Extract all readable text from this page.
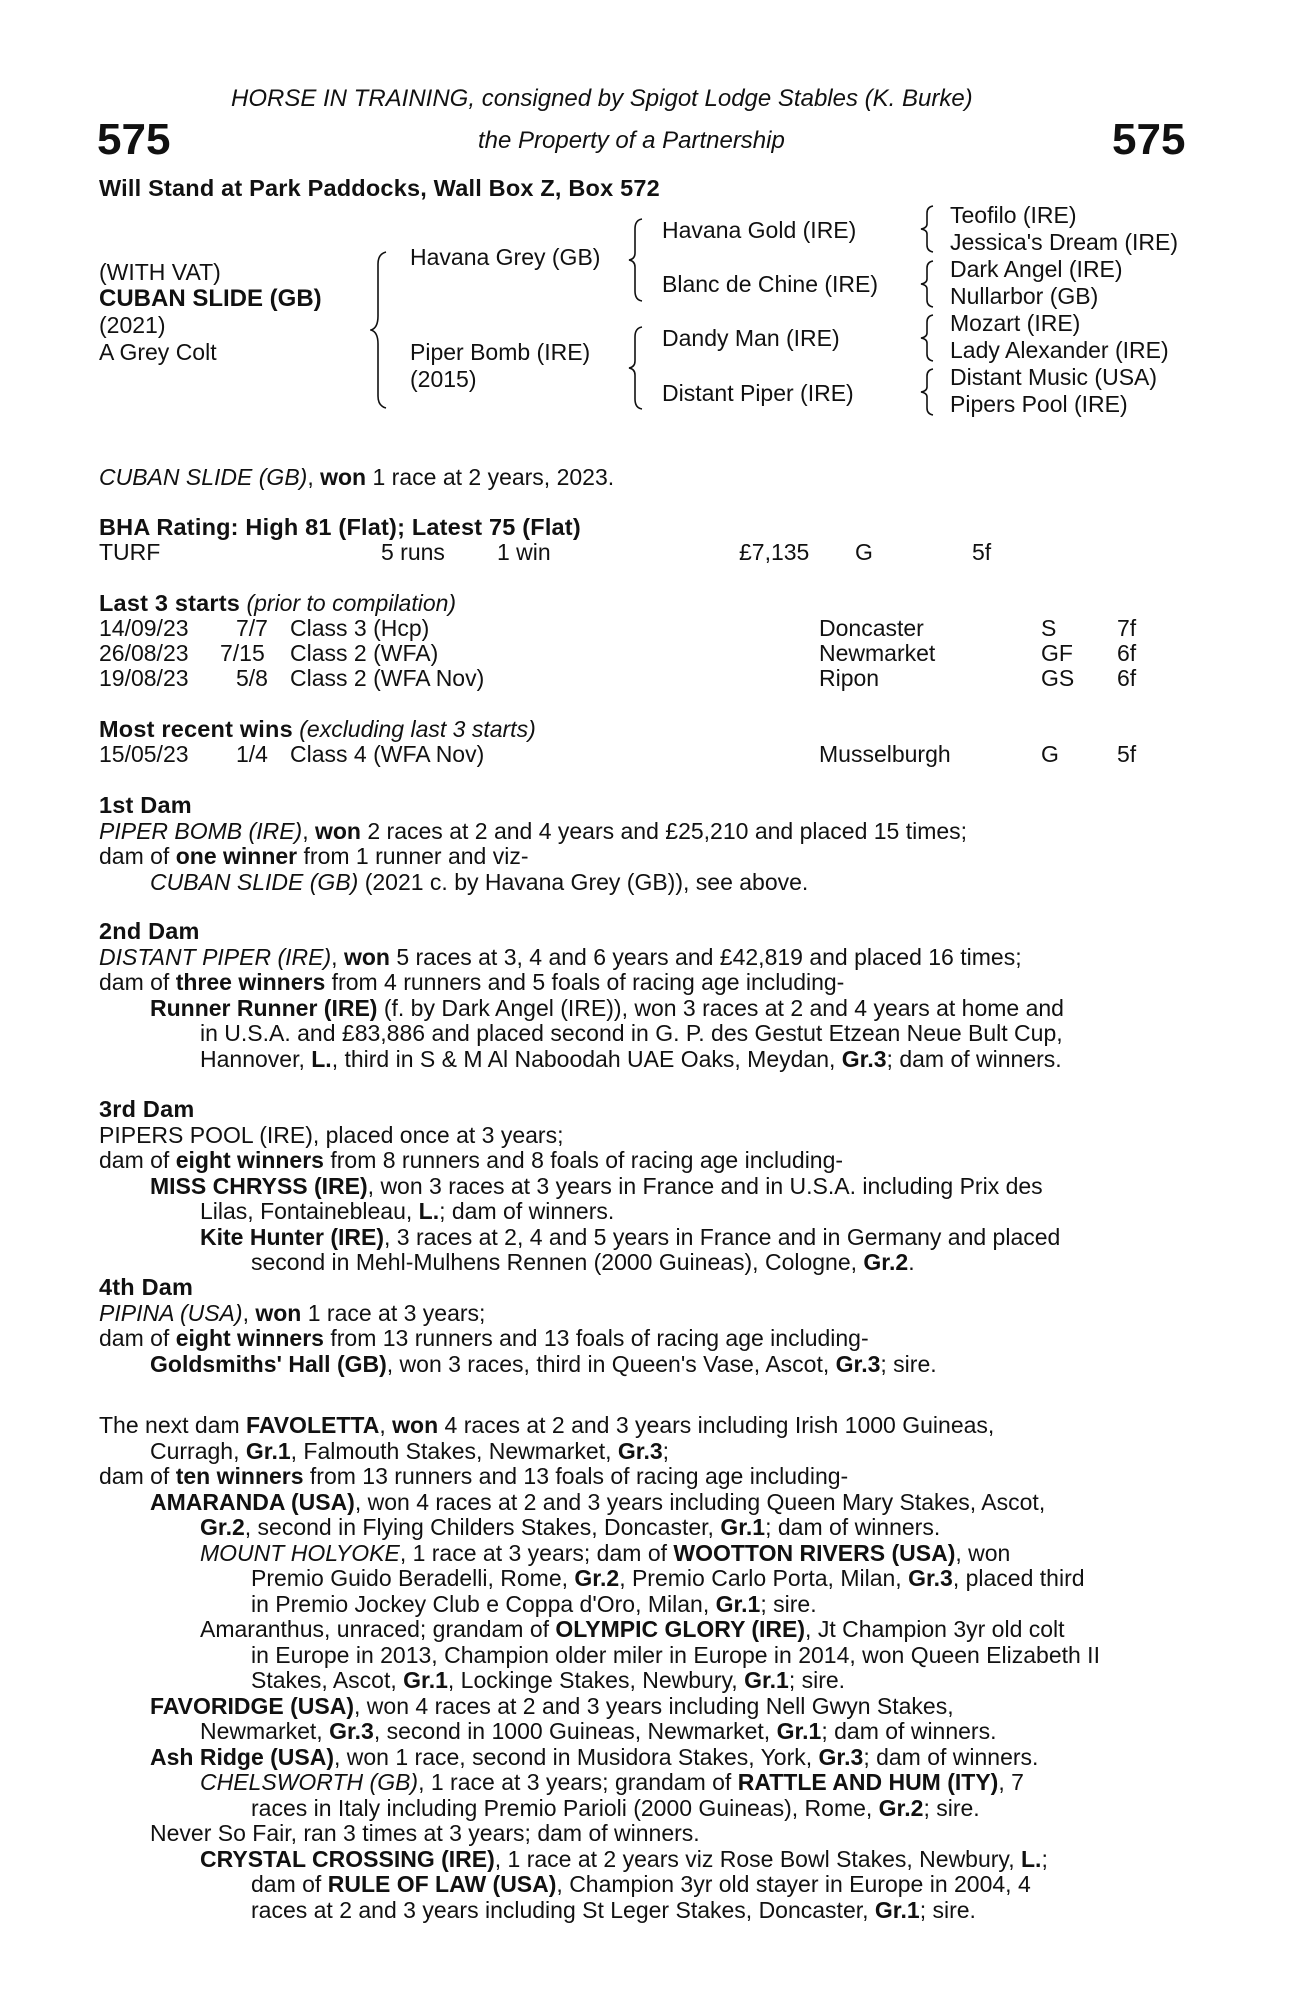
HORSE IN TRAINING, consigned by Spigot Lodge Stables (K. Burke)
the Property of a Partnership
575	575
Will Stand at Park Paddocks, Wall Box Z, Box 572
(WITH VAT)
CUBAN SLIDE (GB)
(2021)
A Grey Colt
Havana Grey (GB)
Piper Bomb (IRE)
(2015)
Havana Gold (IRE)
Blanc de Chine (IRE)
Dandy Man (IRE)
Distant Piper (IRE)
Teofilo (IRE)
Jessica's Dream (IRE)
Dark Angel (IRE)
Nullarbor (GB)
Mozart (IRE)
Lady Alexander (IRE)
Distant Music (USA)
Pipers Pool (IRE)
CUBAN SLIDE (GB), won 1 race at 2 years, 2023.
BHA Rating: High 81 (Flat); Latest 75 (Flat)
TURF	5 runs 1 win	£7,135 G	5f
Last 3 starts (prior to compilation)
14/09/23 7/7 Class 3 (Hcp)	Doncaster	S	7f
26/08/23 7/15 Class 2 (WFA)	Newmarket	GF 6f
19/08/23 5/8 Class 2 (WFA Nov)	Ripon	GS 6f
Most recent wins (excluding last 3 starts)
15/05/23 1/4 Class 4 (WFA Nov)	Musselburgh	G	5f
1st Dam
PIPER BOMB (IRE), won 2 races at 2 and 4 years and £25,210 and placed 15 times;
dam of one winner from 1 runner and viz-
CUBAN SLIDE (GB) (2021 c. by Havana Grey (GB)), see above.
2nd Dam
DISTANT PIPER (IRE), won 5 races at 3, 4 and 6 years and £42,819 and placed 16 times;
dam of three winners from 4 runners and 5 foals of racing age including-
Runner Runner (IRE) (f. by Dark Angel (IRE)), won 3 races at 2 and 4 years at home and
in U.S.A. and £83,886 and placed second in G. P. des Gestut Etzean Neue Bult Cup,
Hannover, L., third in S & M Al Naboodah UAE Oaks, Meydan, Gr.3; dam of winners.
3rd Dam
PIPERS POOL (IRE), placed once at 3 years;
dam of eight winners from 8 runners and 8 foals of racing age including-
MISS CHRYSS (IRE), won 3 races at 3 years in France and in U.S.A. including Prix des
Lilas, Fontainebleau, L.; dam of winners.
Kite Hunter (IRE), 3 races at 2, 4 and 5 years in France and in Germany and placed
second in Mehl-Mulhens Rennen (2000 Guineas), Cologne, Gr.2.
4th Dam
PIPINA (USA), won 1 race at 3 years;
dam of eight winners from 13 runners and 13 foals of racing age including-
Goldsmiths' Hall (GB), won 3 races, third in Queen's Vase, Ascot, Gr.3; sire.
The next dam FAVOLETTA, won 4 races at 2 and 3 years including Irish 1000 Guineas,
Curragh, Gr.1, Falmouth Stakes, Newmarket, Gr.3;
dam of ten winners from 13 runners and 13 foals of racing age including-
AMARANDA (USA), won 4 races at 2 and 3 years including Queen Mary Stakes, Ascot,
Gr.2, second in Flying Childers Stakes, Doncaster, Gr.1; dam of winners.
MOUNT HOLYOKE, 1 race at 3 years; dam of WOOTTON RIVERS (USA), won
Premio Guido Beradelli, Rome, Gr.2, Premio Carlo Porta, Milan, Gr.3, placed third
in Premio Jockey Club e Coppa d'Oro, Milan, Gr.1; sire.
Amaranthus, unraced; grandam of OLYMPIC GLORY (IRE), Jt Champion 3yr old colt
in Europe in 2013, Champion older miler in Europe in 2014, won Queen Elizabeth II
Stakes, Ascot, Gr.1, Lockinge Stakes, Newbury, Gr.1; sire.
FAVORIDGE (USA), won 4 races at 2 and 3 years including Nell Gwyn Stakes,
Newmarket, Gr.3, second in 1000 Guineas, Newmarket, Gr.1; dam of winners.
Ash Ridge (USA), won 1 race, second in Musidora Stakes, York, Gr.3; dam of winners.
CHELSWORTH (GB), 1 race at 3 years; grandam of RATTLE AND HUM (ITY), 7
races in Italy including Premio Parioli (2000 Guineas), Rome, Gr.2; sire.
Never So Fair, ran 3 times at 3 years; dam of winners.
CRYSTAL CROSSING (IRE), 1 race at 2 years viz Rose Bowl Stakes, Newbury, L.;
dam of RULE OF LAW (USA), Champion 3yr old stayer in Europe in 2004, 4
races at 2 and 3 years including St Leger Stakes, Doncaster, Gr.1; sire.
